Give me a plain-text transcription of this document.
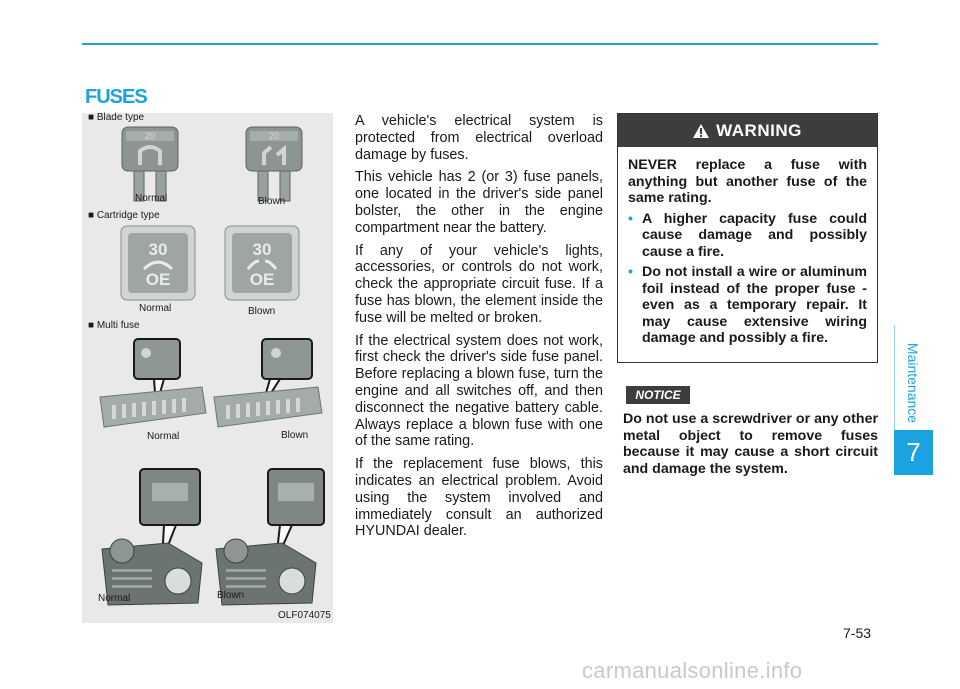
FUSES
Maintenance
7
■ Blade type
20
Normal
20
Blown
■ Cartridge type
30
OE
Normal
30
OE
Blown
■ Multi fuse
Normal	Blown
Normal	Blown
OLF074075

A vehicle's electrical system is protected from electrical overload damage by fuses.

This vehicle has 2 (or 3) fuse panels, one located in the driver's side panel bolster, the other in the engine compartment near the battery.

If any of your vehicle's lights, accessories, or controls do not work, check the appropriate circuit fuse. If a fuse has blown, the element inside the fuse will be melted or broken.

If the electrical system does not work, first check the driver's side fuse panel. Before replacing a blown fuse, turn the engine and all switches off, and then disconnect the negative battery cable. Always replace a blown fuse with one of the same rating.

If the replacement fuse blows, this indicates an electrical problem. Avoid using the system involved and immediately consult an authorized HYUNDAI dealer.

WARNING

NEVER replace a fuse with anything but another fuse of the same rating.

• A higher capacity fuse could cause damage and possibly cause a fire.
• Do not install a wire or aluminum foil instead of the proper fuse - even as a temporary repair. It may cause extensive wiring damage and possibly a fire.
NOTICE
Do not use a screwdriver or any other metal object to remove fuses because it may cause a short circuit and damage the system.
7-53
carmanualsonline.info
